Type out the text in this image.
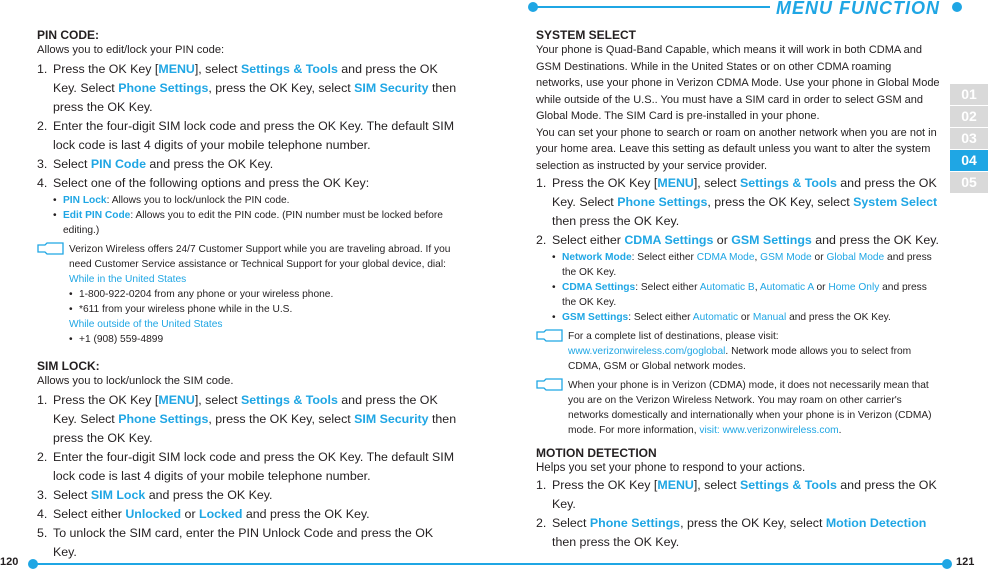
MENU FUNCTION
01
02
03
04
05

PIN CODE:

Allows you to edit/lock your PIN code:

1. Press the OK Key [MENU], select Settings & Tools and press the OK Key. Select Phone Settings, press the OK Key, select SIM Security then press the OK Key.
2. Enter the four-digit SIM lock code and press the OK Key. The default SIM lock code is last 4 digits of your mobile telephone number.
3. Select PIN Code and press the OK Key.
4. Select one of the following options and press the OK Key:
• PIN Lock: Allows you to lock/unlock the PIN code.
• Edit PIN Code: Allows you to edit the PIN code. (PIN number must be locked before editing.)
Verizon Wireless offers 24/7 Customer Support while you are traveling abroad. If you need Customer Service assistance or Technical Support for your global device, dial:
While in the United States
• 1-800-922-0204 from any phone or your wireless phone.
• *611 from your wireless phone while in the U.S.
While outside of the United States
• +1 (908) 559-4899

SIM LOCK:

Allows you to lock/unlock the SIM code.

1. Press the OK Key [MENU], select Settings & Tools and press the OK Key. Select Phone Settings, press the OK Key, select SIM Security then press the OK Key.
2. Enter the four-digit SIM lock code and press the OK Key. The default SIM lock code is last 4 digits of your mobile telephone number.
3. Select SIM Lock and press the OK Key.
4. Select either Unlocked or Locked and press the OK Key.
5. To unlock the SIM card, enter the PIN Unlock Code and press the OK Key.

SYSTEM SELECT

Your phone is Quad-Band Capable, which means it will work in both CDMA and GSM Destinations. While in the United States or on other CDMA roaming networks, use your phone in Verizon CDMA Mode. Use your phone in Global Mode while outside of the U.S.. You must have a SIM card in order to select GSM and Global Mode. The SIM Card is pre-installed in your phone.

You can set your phone to search or roam on another network when you are not in your home area. Leave this setting as default unless you want to alter the system selection as instructed by your service provider.

1. Press the OK Key [MENU], select Settings & Tools and press the OK Key. Select Phone Settings, press the OK Key, select System Select then press the OK Key.
2. Select either CDMA Settings or GSM Settings and press the OK Key.
• Network Mode: Select either CDMA Mode, GSM Mode or Global Mode and press the OK Key.
• CDMA Settings: Select either Automatic B, Automatic A or Home Only and press the OK Key.
• GSM Settings: Select either Automatic or Manual and press the OK Key.
For a complete list of destinations, please visit: www.verizonwireless.com/goglobal. Network mode allows you to select from CDMA, GSM or Global network modes.
When your phone is in Verizon (CDMA) mode, it does not necessarily mean that you are on the Verizon Wireless Network. You may roam on other carrier's networks domestically and internationally when your phone is in Verizon (CDMA) mode. For more information, visit: www.verizonwireless.com.

MOTION DETECTION

Helps you set your phone to respond to your actions.

1. Press the OK Key [MENU], select Settings & Tools and press the OK Key.
2. Select Phone Settings, press the OK Key, select Motion Detection then press the OK Key.
120	121
